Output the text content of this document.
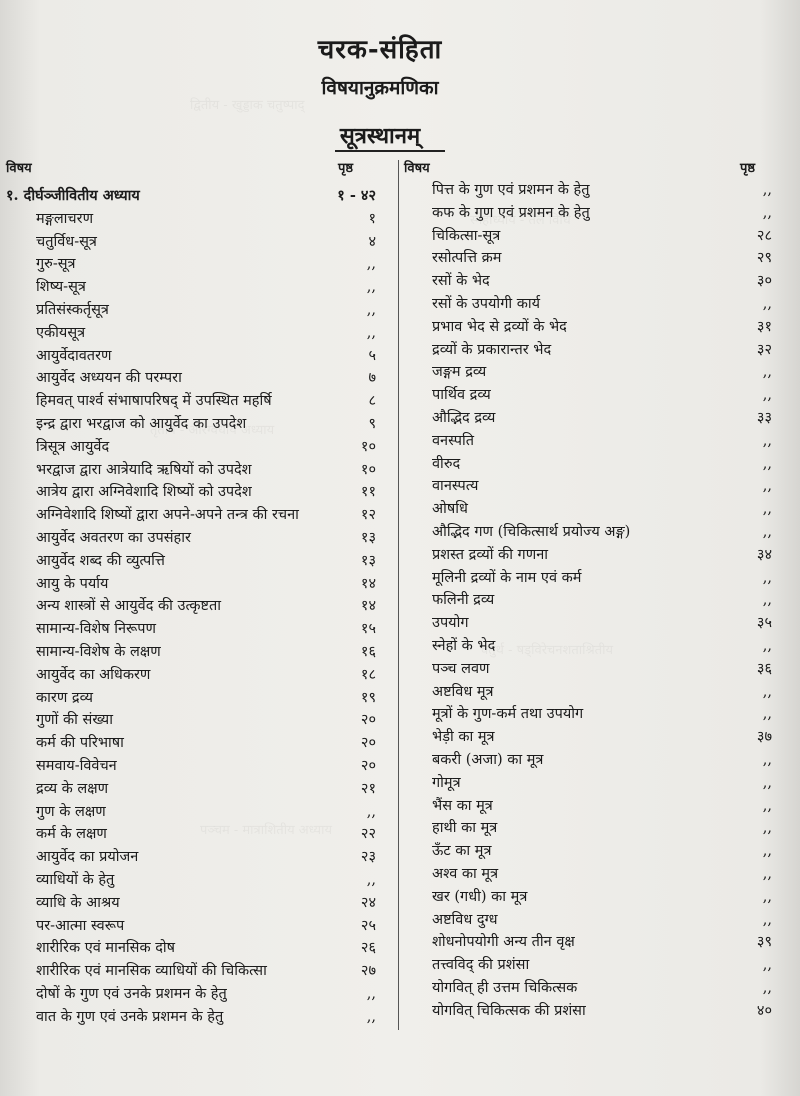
चरक-संहिता
विषयानुक्रमणिका
सूत्रस्थानम्
विषय	पृष्ठ	विषय	पृष्ठ
१. दीर्घञ्जीवितीय अध्याय	१ - ४२
मङ्गलाचरण	१
चतुर्विध-सूत्र	४
गुरु-सूत्र	,,
शिष्य-सूत्र	,,
प्रतिसंस्कर्तृसूत्र	,,
एकीयसूत्र	,,
आयुर्वेदावतरण	५
आयुर्वेद अध्ययन की परम्परा	७
हिमवत् पार्श्व संभाषापरिषद् में उपस्थित महर्षि	८
इन्द्र द्वारा भरद्वाज को आयुर्वेद का उपदेश	९
त्रिसूत्र आयुर्वेद	१०
भरद्वाज द्वारा आत्रेयादि ऋषियों को उपदेश	१०
आत्रेय द्वारा अग्निवेशादि शिष्यों को उपदेश	११
अग्निवेशादि शिष्यों द्वारा अपने-अपने तन्त्र की रचना	१२
आयुर्वेद अवतरण का उपसंहार	१३
आयुर्वेद शब्द की व्युत्पत्ति	१३
आयु के पर्याय	१४
अन्य शास्त्रों से आयुर्वेद की उत्कृष्टता	१४
सामान्य-विशेष निरूपण	१५
सामान्य-विशेष के लक्षण	१६
आयुर्वेद का अधिकरण	१८
कारण द्रव्य	१९
गुणों की संख्या	२०
कर्म की परिभाषा	२०
समवाय-विवेचन	२०
द्रव्य के लक्षण	२१
गुण के लक्षण	,,
कर्म के लक्षण	२२
आयुर्वेद का प्रयोजन	२३
व्याधियों के हेतु	,,
व्याधि के आश्रय	२४
पर-आत्मा स्वरूप	२५
शारीरिक एवं मानसिक दोष	२६
शारीरिक एवं मानसिक व्याधियों की चिकित्सा	२७
दोषों के गुण एवं उनके प्रशमन के हेतु	,,
वात के गुण एवं उनके प्रशमन के हेतु	,,
पित्त के गुण एवं प्रशमन के हेतु	,,
कफ के गुण एवं प्रशमन के हेतु	,,
चिकित्सा-सूत्र	२८
रसोत्पत्ति क्रम	२९
रसों के भेद	३०
रसों के उपयोगी कार्य	,,
प्रभाव भेद से द्रव्यों के भेद	३१
द्रव्यों के प्रकारान्तर भेद	३२
जङ्गम द्रव्य	,,
पार्थिव द्रव्य	,,
औद्भिद द्रव्य	३३
वनस्पति	,,
वीरुद	,,
वानस्पत्य	,,
ओषधि	,,
औद्भिद गण (चिकित्सार्थ प्रयोज्य अङ्ग)	,,
प्रशस्त द्रव्यों की गणना	३४
मूलिनी द्रव्यों के नाम एवं कर्म	,,
फलिनी द्रव्य	,,
उपयोग	३५
स्नेहों के भेद	,,
पञ्च लवण	३६
अष्टविध मूत्र	,,
मूत्रों के गुण-कर्म तथा उपयोग	,,
भेड़ी का मूत्र	३७
बकरी (अजा) का मूत्र	,,
गोमूत्र	,,
भैंस का मूत्र	,,
हाथी का मूत्र	,,
ऊँट का मूत्र	,,
अश्व का मूत्र	,,
खर (गधी) का मूत्र	,,
अष्टविध दुग्ध	,,
शोधनोपयोगी अन्य तीन वृक्ष	३९
तत्त्वविद् की प्रशंसा	,,
योगवित् ही उत्तम चिकित्सक	,,
योगवित् चिकित्सक की प्रशंसा	४०
